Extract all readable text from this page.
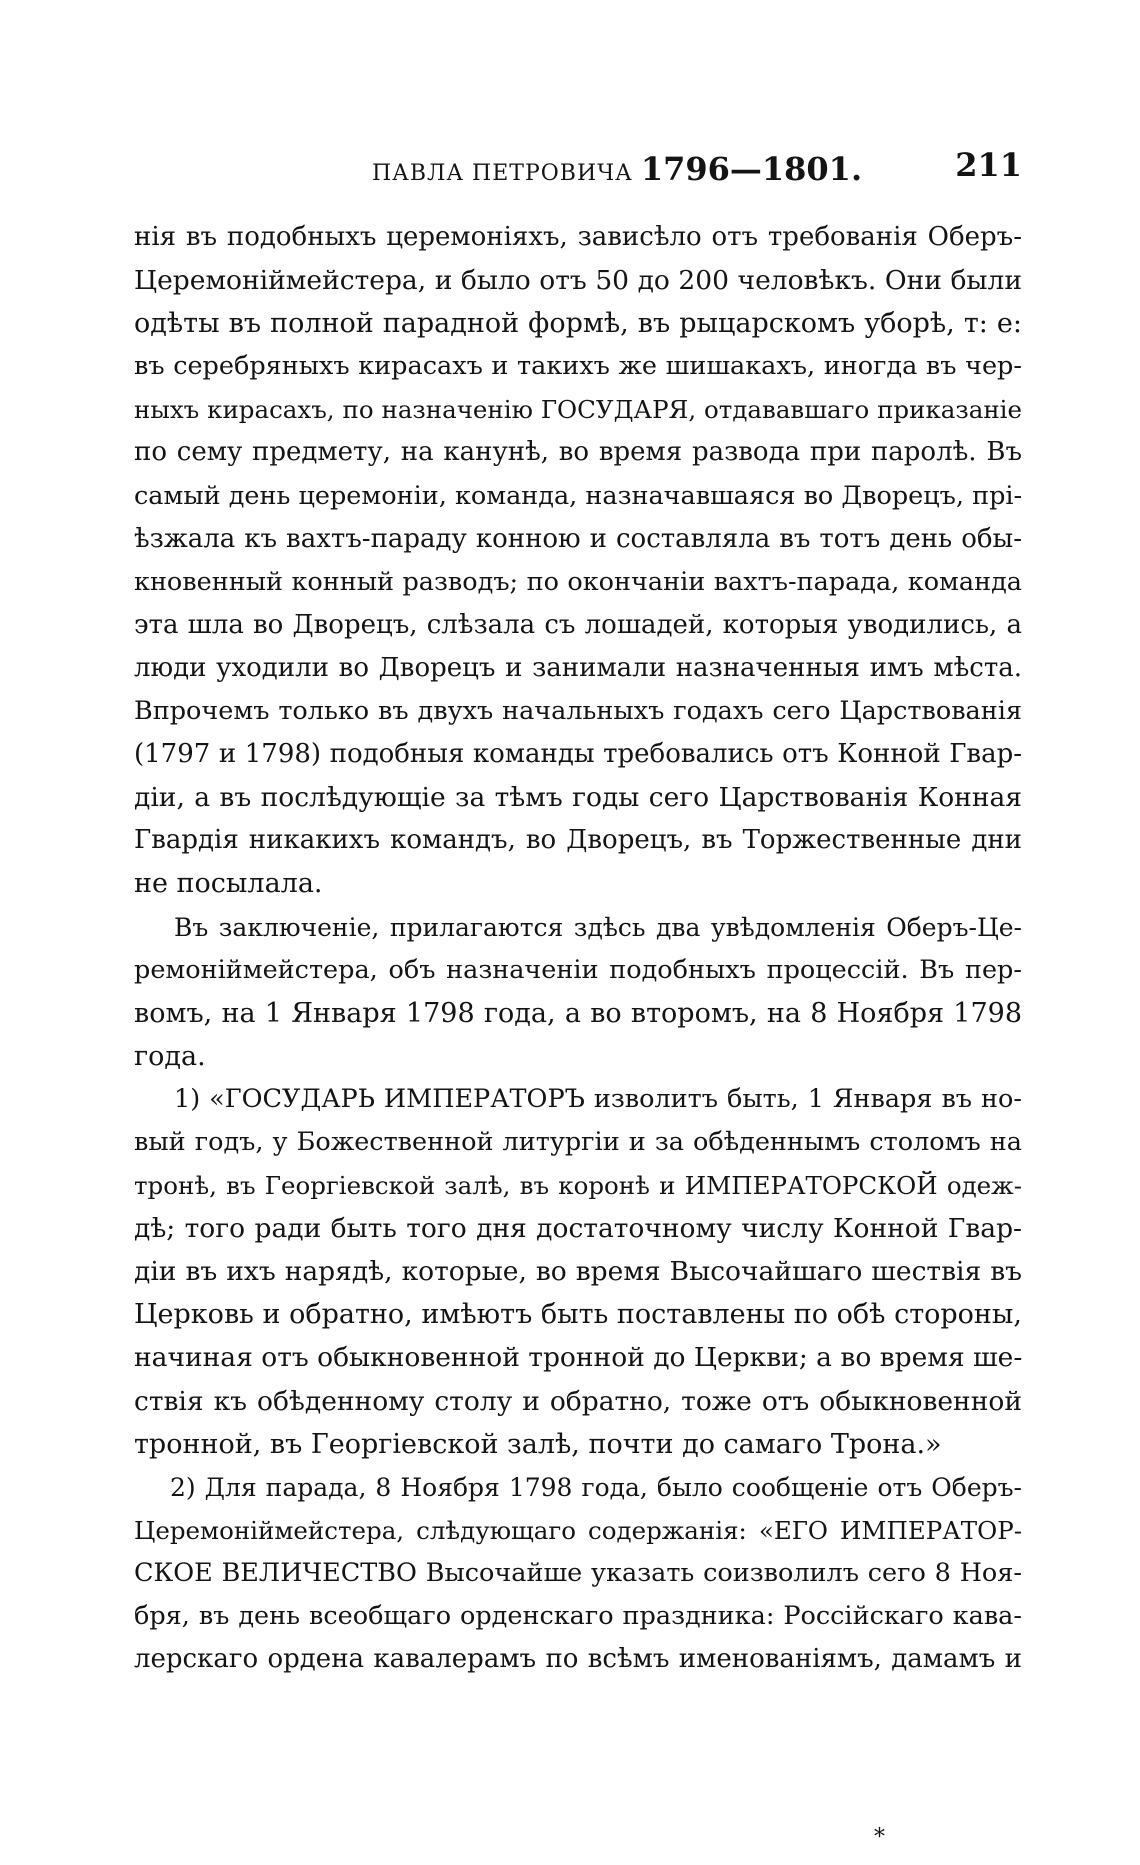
ПАВЛА ПЕТРОВИЧА 1796—1801.	211
нія въ подобныхъ церемоніяхъ, зависѣло отъ требованія Оберъ-
Церемоніймейстера, и было отъ 50 до 200 человѣкъ. Они были
одѣты въ полной парадной формѣ, въ рыцарскомъ уборѣ, т: е:
въ серебряныхъ кирасахъ и такихъ же шишакахъ, иногда въ чер-
ныхъ кирасахъ, по назначенію ГОСУДАРЯ, отдававшаго приказаніе
по сему предмету, на канунѣ, во время развода при паролѣ. Въ
самый день церемоніи, команда, назначавшаяся во Дворецъ, прі-
ѣзжала къ вахтъ-параду конною и составляла въ тотъ день обы-
кновенный конный разводъ; по окончаніи вахтъ-парада, команда
эта шла во Дворецъ, слѣзала съ лошадей, которыя уводились, а
люди уходили во Дворецъ и занимали назначенныя имъ мѣста.
Впрочемъ только въ двухъ начальныхъ годахъ сего Царствованія
(1797 и 1798) подобныя команды требовались отъ Конной Гвар-
діи, а въ послѣдующіе за тѣмъ годы сего Царствованія Конная
Гвардія никакихъ командъ, во Дворецъ, въ Торжественные дни
не посылала.
Въ заключеніе, прилагаются здѣсь два увѣдомленія Оберъ-Це-
ремоніймейстера, объ назначеніи подобныхъ процессій. Въ пер-
вомъ, на 1 Января 1798 года, а во второмъ, на 8 Ноября 1798
года.
1) «ГОСУДАРЬ ИМПЕРАТОРЪ изволитъ быть, 1 Января въ но-
вый годъ, у Божественной литургіи и за обѣденнымъ столомъ на
тронѣ, въ Георгіевской залѣ, въ коронѣ и ИМПЕРАТОРСКОЙ одеж-
дѣ; того ради быть того дня достаточному числу Конной Гвар-
діи въ ихъ нарядѣ, которые, во время Высочайшаго шествія въ
Церковь и обратно, имѣютъ быть поставлены по обѣ стороны,
начиная отъ обыкновенной тронной до Церкви; а во время ше-
ствія къ обѣденному столу и обратно, тоже отъ обыкновенной
тронной, въ Георгіевской залѣ, почти до самаго Трона.»
2) Для парада, 8 Ноября 1798 года, было сообщеніе отъ Оберъ-
Церемоніймейстера, слѣдующаго содержанія: «ЕГО ИМПЕРАТОР-
СКОЕ ВЕЛИЧЕСТВО Высочайше указать соизволилъ сего 8 Ноя-
бря, въ день всеобщаго орденскаго праздника: Россійскаго кава-
лерскаго ордена кавалерамъ по всѣмъ именованіямъ, дамамъ и
*
